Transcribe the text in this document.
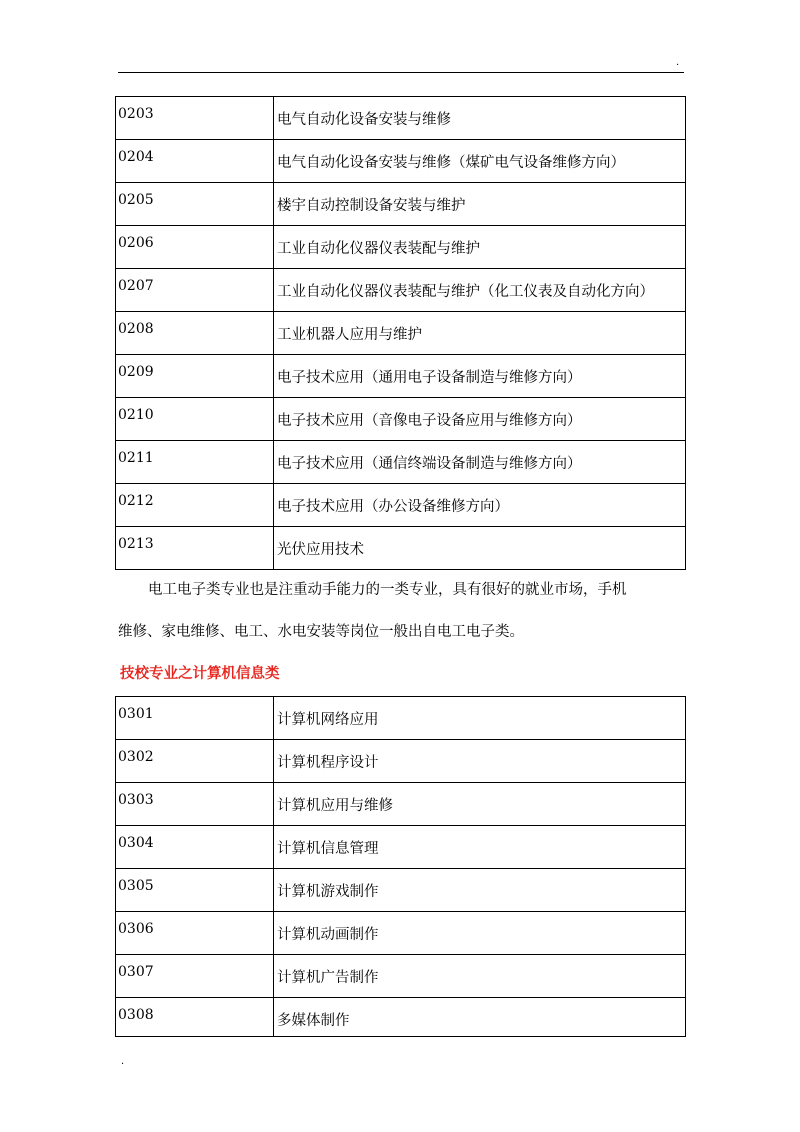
.
0203	电气自动化设备安装与维修
0204	电气自动化设备安装与维修（煤矿电气设备维修方向）
0205	楼宇自动控制设备安装与维护
0206	工业自动化仪器仪表装配与维护
0207	工业自动化仪器仪表装配与维护（化工仪表及自动化方向）
0208	工业机器人应用与维护
0209	电子技术应用（通用电子设备制造与维修方向）
0210	电子技术应用（音像电子设备应用与维修方向）
0211	电子技术应用（通信终端设备制造与维修方向）
0212	电子技术应用（办公设备维修方向）
0213	光伏应用技术
电工电子类专业也是注重动手能力的一类专业，具有很好的就业市场，手机
维修、家电维修、电工、水电安装等岗位一般出自电工电子类。
技校专业之计算机信息类
0301	计算机网络应用
0302	计算机程序设计
0303	计算机应用与维修
0304	计算机信息管理
0305	计算机游戏制作
0306	计算机动画制作
0307	计算机广告制作
0308	多媒体制作
.
